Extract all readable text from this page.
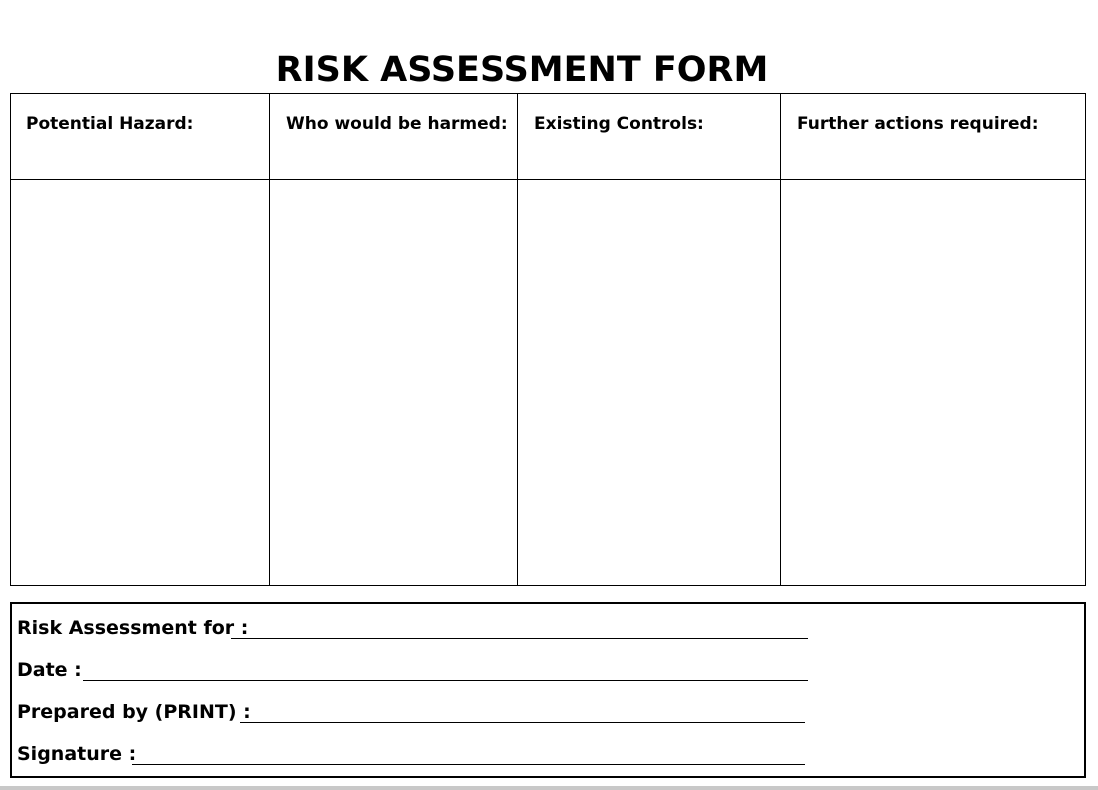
RISK ASSESSMENT FORM
Potential Hazard:	Who would be harmed: Existing Controls:	Further actions required:
Risk Assessment for :
Date :
Prepared by (PRINT) :
Signature :
